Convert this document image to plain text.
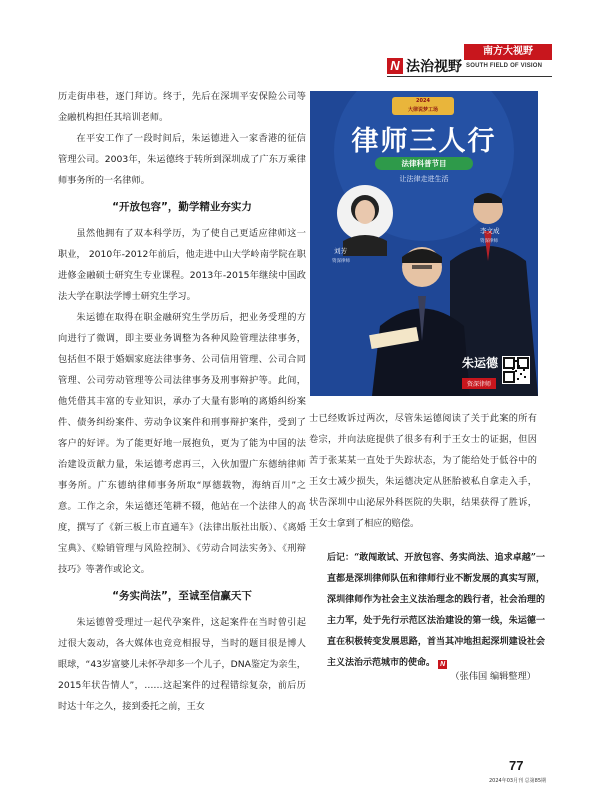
N 法治视野
南方大视野
SOUTH FIELD OF VISION

历走街串巷，逐门拜访。终于，先后在深圳平安保险公司等金融机构担任其培训老师。

在平安工作了一段时间后，朱运德进入一家香港的征信管理公司。2003年，朱运德终于转所到深圳成了广东万乘律师事务所的一名律师。

“开放包容”，勤学精业夯实力

虽然他拥有了双本科学历，为了使自己更适应律师这一职业， 2010年-2012年前后，他走进中山大学岭南学院在职进修金融硕士研究生专业课程。2013年-2015年继续中国政法大学在职法学博士研究生学习。

朱运德在取得在职金融研究生学历后，把业务受理的方向进行了微调，即主要业务调整为各种风险管理法律事务，包括但不限于婚姻家庭法律事务、公司信用管理、公司合同管理、公司劳动管理等公司法律事务及刑事辩护等。此间，他凭借其丰富的专业知识，承办了大量有影响的离婚纠纷案件、债务纠纷案件、劳动争议案件和刑事辩护案件，受到了客户的好评。为了能更好地一展抱负，更为了能为中国的法治建设贡献力量，朱运德考虑再三，入伙加盟广东德纳律师事务所。广东德纳律师事务所取“厚德载物，海纳百川”之意。工作之余，朱运德还笔耕不辍，他站在一个法律人的高度，撰写了《新三板上市直通车》（法律出版社出版）、《离婚宝典》、《赊销管理与风险控制》、《劳动合同法实务》、《刑辩技巧》等著作或论文。

“务实尚法”，至诚至信赢天下

朱运德曾受理过一起代孕案件，这起案件在当时曾引起过很大轰动，各大媒体也竞竞相报导，当时的题目很是博人眼球，“43岁富婆儿未怀孕却多一个儿子，DNA鉴定为亲生，2015年状告情人”，……这起案件的过程错综复杂，前后历时达十年之久，接到委托之前，王女

2024
大律说梦工场
律师三人行
法律科普节目
让法律走进生活
刘芳
资深律师
李文成
资深律师
朱运德
资深律师

士已经败诉过两次，尽管朱运德阅读了关于此案的所有卷宗，并向法庭提供了很多有利于王女士的证据，但因苦于张某某一直处于失踪状态，为了能给处于低谷中的王女士减少损失，朱运德决定从胚胎被私自拿走入手，状告深圳中山泌尿外科医院的失职，结果获得了胜诉，王女士拿到了相应的赔偿。

后记：“敢闯敢试、开放包容、务实尚法、追求卓越”一直都是深圳律师队伍和律师行业不断发展的真实写照，深圳律师作为社会主义法治理念的践行者，社会治理的主力军，处于先行示范区法治建设的第一线，朱运德一直在积极转变发展思路，首当其冲地担起深圳建设社会主义法治示范城市的使命。 N
（张伟国 编辑整理）
77
2024年03月刊 总第85期
